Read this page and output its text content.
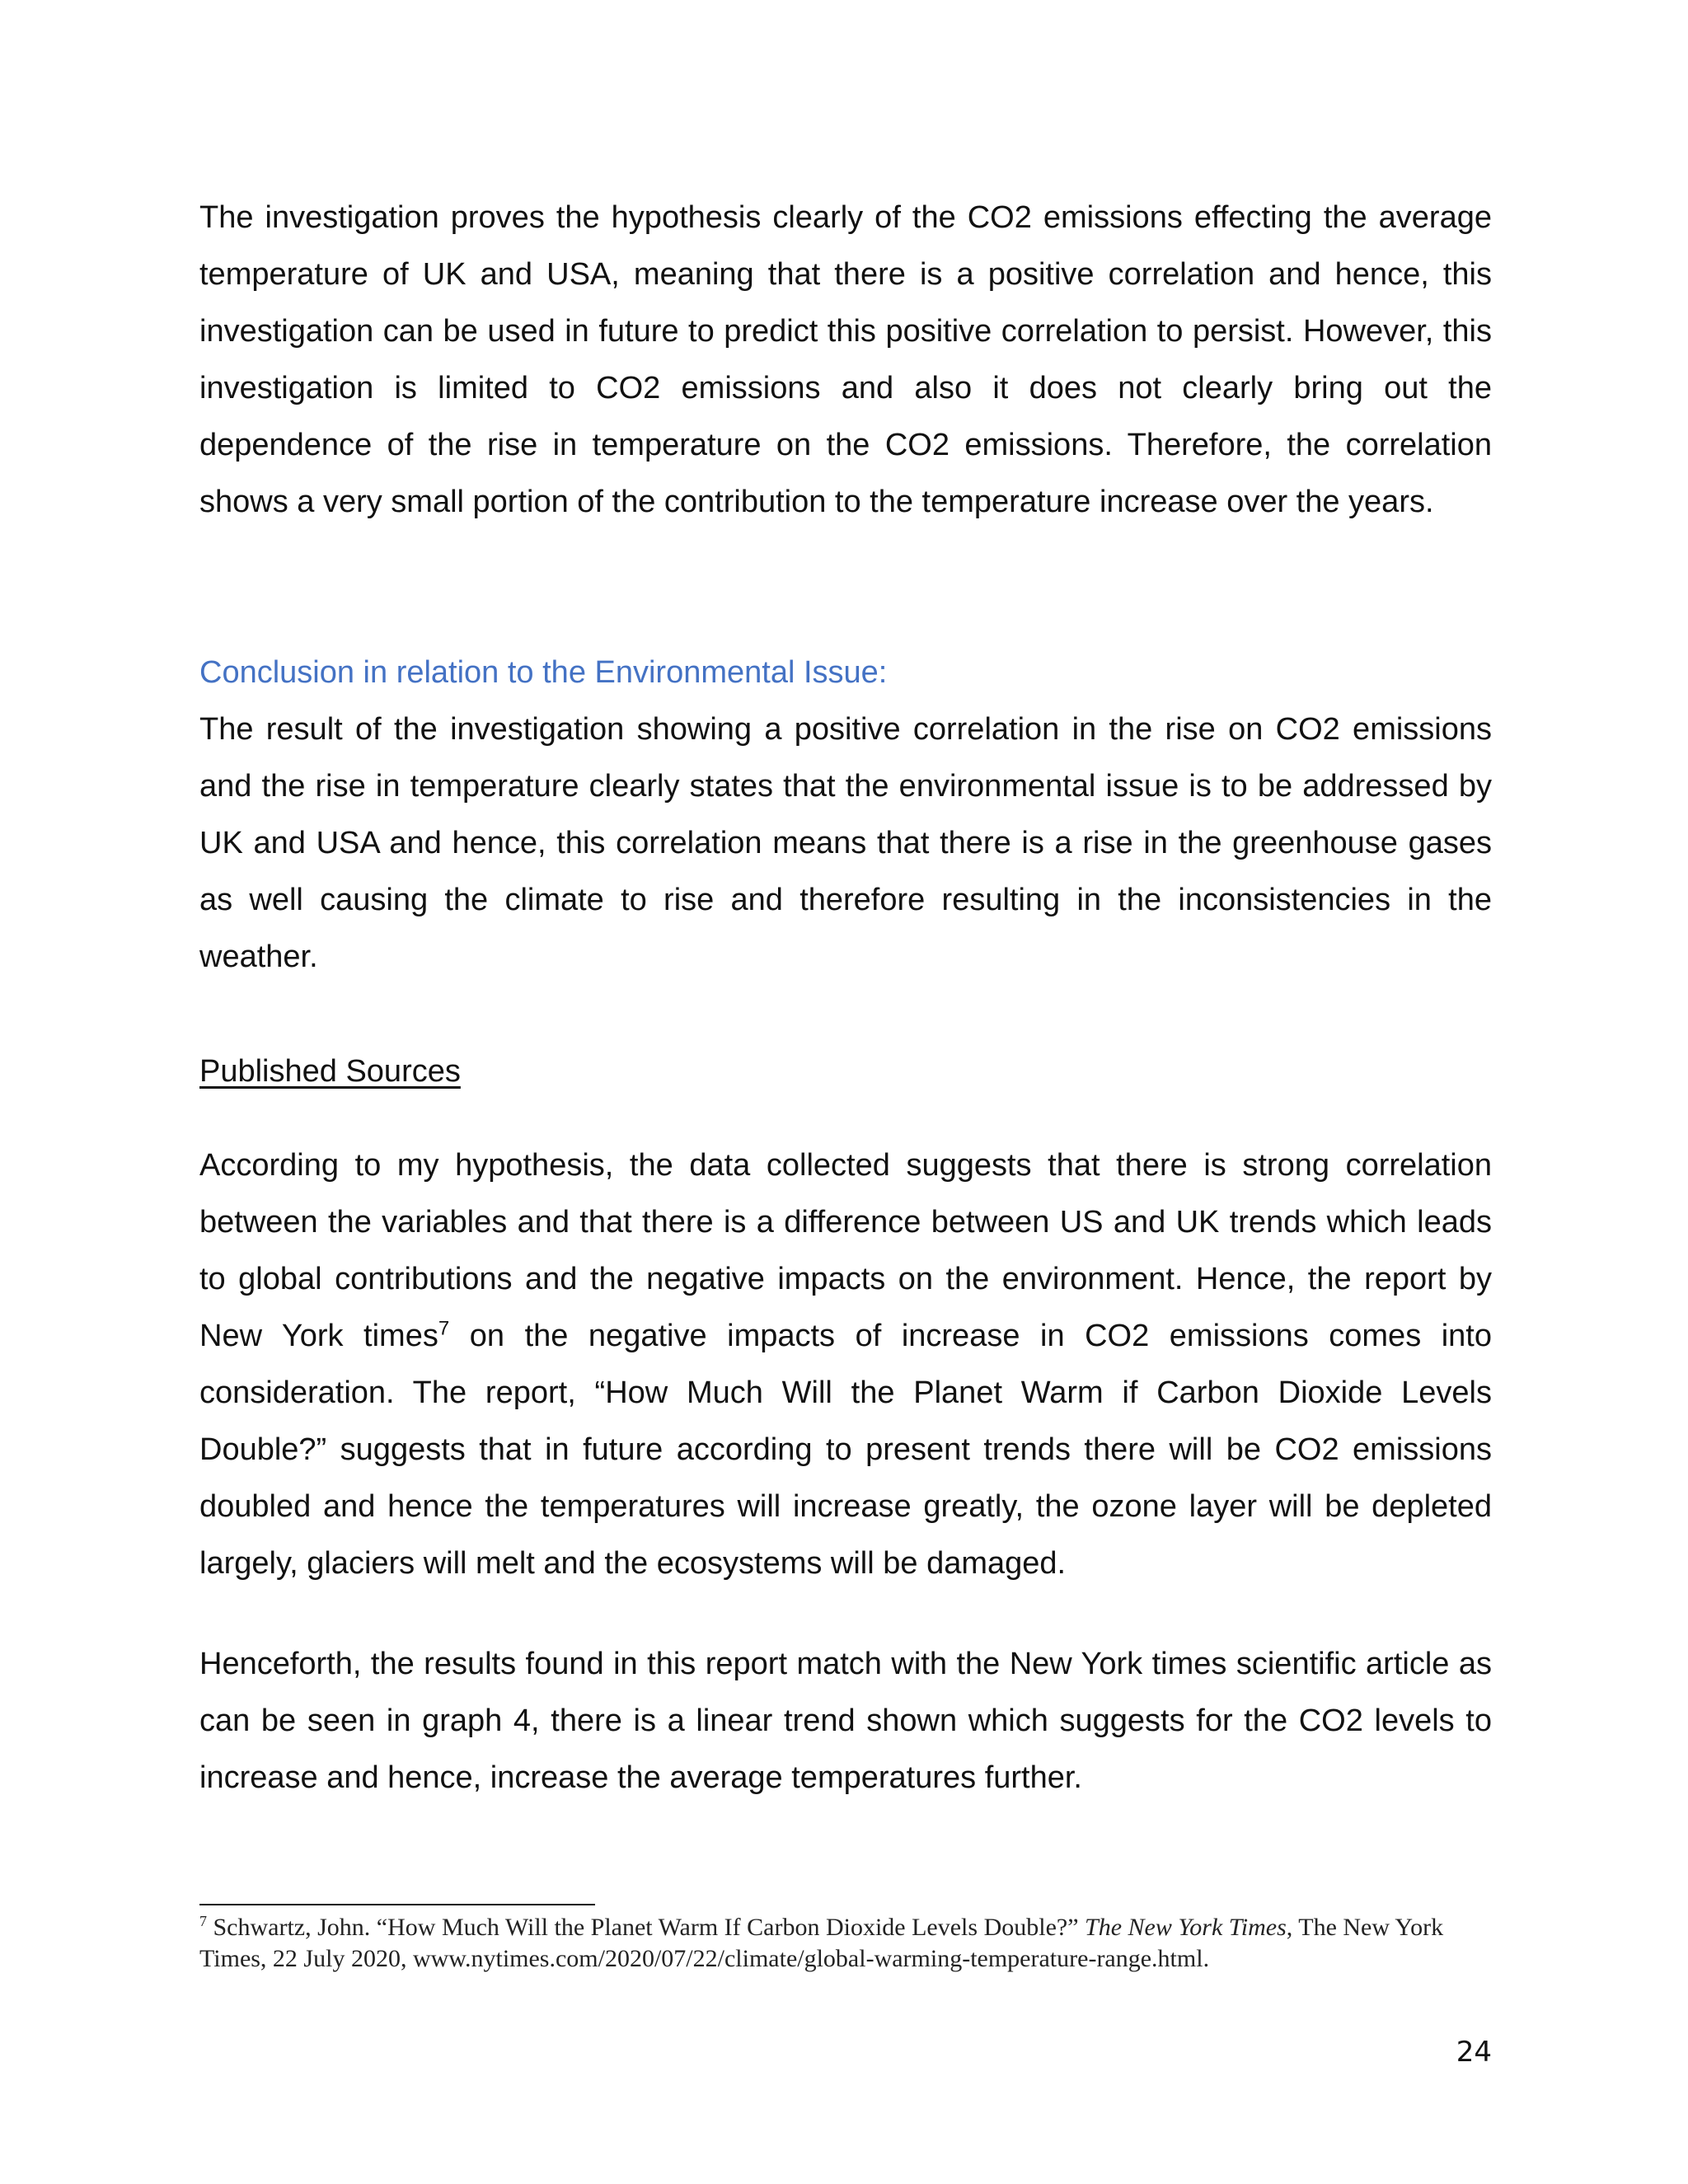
The investigation proves the hypothesis clearly of the CO2 emissions effecting the average temperature of UK and USA, meaning that there is a positive correlation and hence, this investigation can be used in future to predict this positive correlation to persist. However, this investigation is limited to CO2 emissions and also it does not clearly bring out the dependence of the rise in temperature on the CO2 emissions. Therefore, the correlation shows a very small portion of the contribution to the temperature increase over the years.

Conclusion in relation to the Environmental Issue:

The result of the investigation showing a positive correlation in the rise on CO2 emissions and the rise in temperature clearly states that the environmental issue is to be addressed by UK and USA and hence, this correlation means that there is a rise in the greenhouse gases as well causing the climate to rise and therefore resulting in the inconsistencies in the weather.

Published Sources

According to my hypothesis, the data collected suggests that there is strong correlation between the variables and that there is a difference between US and UK trends which leads to global contributions and the negative impacts on the environment. Hence, the report by New York times$^7$ on the negative impacts of increase in CO2 emissions comes into consideration. The report, “How Much Will the Planet Warm if Carbon Dioxide Levels Double?” suggests that in future according to present trends there will be CO2 emissions doubled and hence the temperatures will increase greatly, the ozone layer will be depleted largely, glaciers will melt and the ecosystems will be damaged.

Henceforth, the results found in this report match with the New York times scientific article as can be seen in graph 4, there is a linear trend shown which suggests for the CO2 levels to increase and hence, increase the average temperatures further.

$^7$ Schwartz, John. “How Much Will the Planet Warm If Carbon Dioxide Levels Double?” The New York Times, The New York Times, 22 July 2020, www.nytimes.com/2020/07/22/climate/global-warming-temperature-range.html.

24
